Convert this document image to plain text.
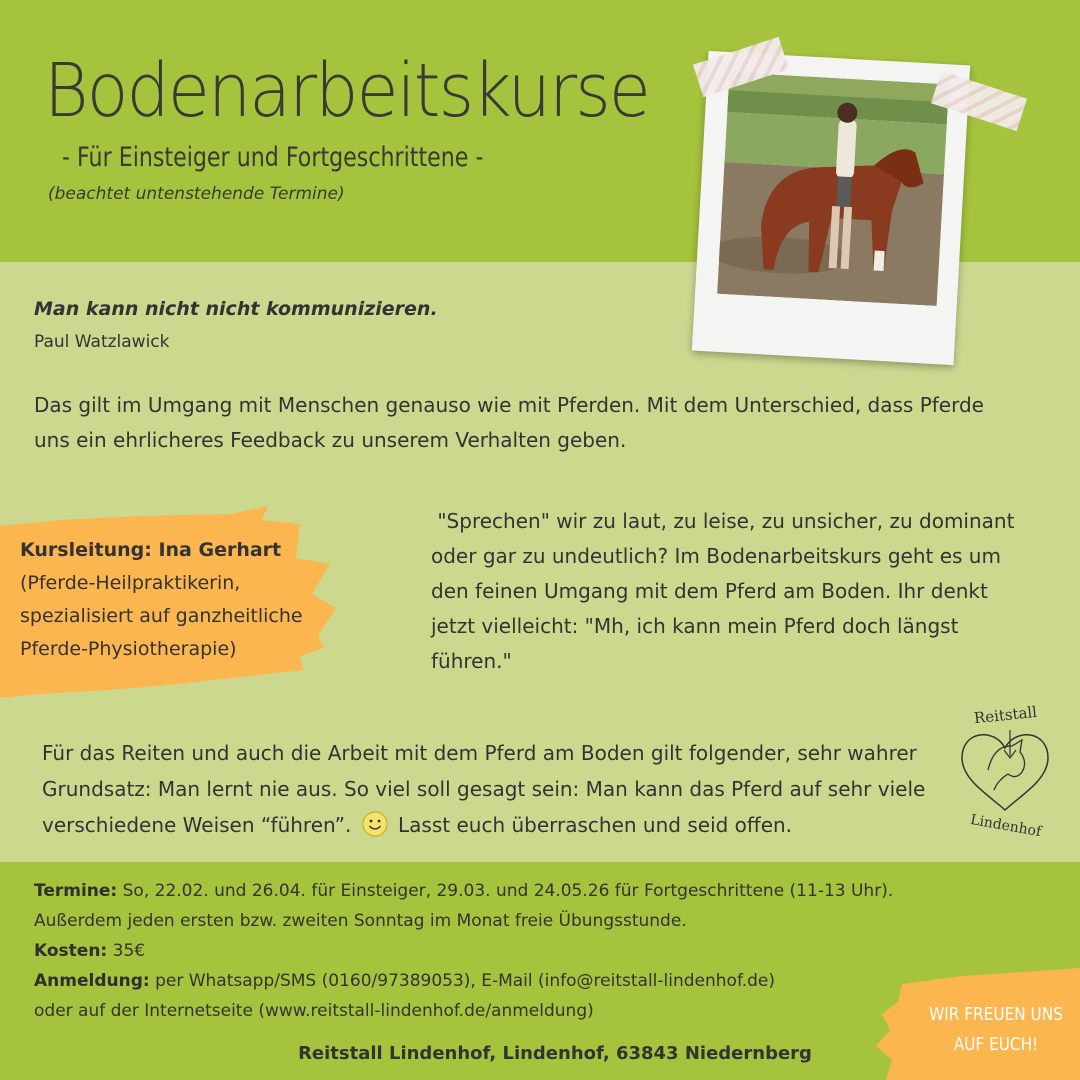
Bodenarbeitskurse
- Für Einsteiger und Fortgeschrittene -
(beachtet untenstehende Termine)
Man kann nicht nicht kommunizieren.
Paul Watzlawick
Das gilt im Umgang mit Menschen genauso wie mit Pferden. Mit dem Unterschied, dass Pferde uns ein ehrlicheres Feedback zu unserem Verhalten geben.
Kursleitung: Ina Gerhart
(Pferde-Heilpraktikerin, spezialisiert auf ganzheitliche Pferde-Physiotherapie)
"Sprechen" wir zu laut, zu leise, zu unsicher, zu dominant oder gar zu undeutlich? Im Bodenarbeitskurs geht es um den feinen Umgang mit dem Pferd am Boden. Ihr denkt jetzt vielleicht: "Mh, ich kann mein Pferd doch längst führen."
Reitstall
Lindenhof
Für das Reiten und auch die Arbeit mit dem Pferd am Boden gilt folgender, sehr wahrer Grundsatz: Man lernt nie aus. So viel soll gesagt sein: Man kann das Pferd auf sehr viele verschiedene Weisen “führen”. Lasst euch überraschen und seid offen.
Termine: So, 22.02. und 26.04. für Einsteiger, 29.03. und 24.05.26 für Fortgeschrittene (11-13 Uhr).
Außerdem jeden ersten bzw. zweiten Sonntag im Monat freie Übungsstunde.
Kosten: 35€
Anmeldung: per Whatsapp/SMS (0160/97389053), E-Mail (info@reitstall-lindenhof.de)
oder auf der Internetseite (www.reitstall-lindenhof.de/anmeldung)
Reitstall Lindenhof, Lindenhof, 63843 Niedernberg
WIR FREUEN UNS
AUF EUCH!
